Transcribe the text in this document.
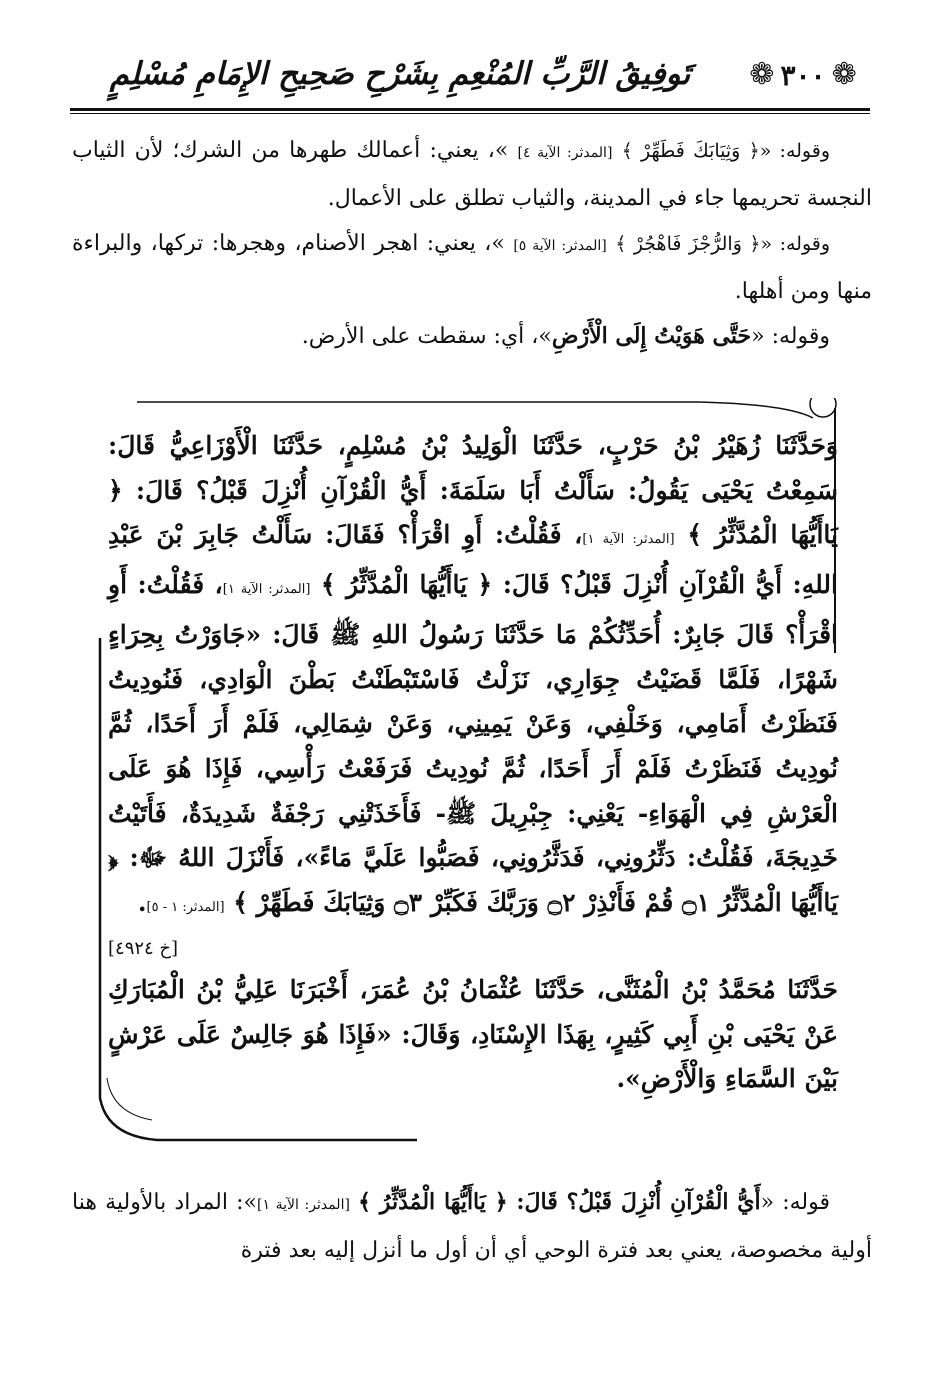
تَوفِيقُ الرَّبِّ المُنْعِمِ بِشَرْحِ صَحِيحِ الإِمَامِ مُسْلِمٍ	❁
٣٠٠
❁

وقوله: «﴿ وَثِيَابَكَ فَطَهِّرْ ﴾ [المدثر: الآية ٤] »، يعني: أعمالك طهرها من الشرك؛ لأن الثياب النجسة تحريمها جاء في المدينة، والثياب تطلق على الأعمال.

وقوله: «﴿ وَالرُّجْزَ فَاهْجُرْ ﴾ [المدثر: الآية ٥] »، يعني: اهجر الأصنام، وهجرها: تركها، والبراءة منها ومن أهلها.

وقوله: «حَتَّى هَوَيْتُ إِلَى الْأَرْضِ»، أي: سقطت على الأرض.

وَحَدَّثَنَا زُهَيْرُ بْنُ حَرْبٍ، حَدَّثَنَا الْوَلِيدُ بْنُ مُسْلِمٍ، حَدَّثَنَا الْأَوْزَاعِيُّ قَالَ: سَمِعْتُ يَحْيَى يَقُولُ: سَأَلْتُ أَبَا سَلَمَةَ: أَيُّ الْقُرْآنِ أُنْزِلَ قَبْلُ؟ قَالَ: ﴿ يَاأَيُّهَا الْمُدَّثِّرُ ﴾ [المدثر: الآية ١]، فَقُلْتُ: أَوِ اقْرَأْ؟ فَقَالَ: سَأَلْتُ جَابِرَ بْنَ عَبْدِ اللهِ: أَيُّ الْقُرْآنِ أُنْزِلَ قَبْلُ؟ قَالَ: ﴿ يَاأَيُّهَا الْمُدَّثِّرُ ﴾ [المدثر: الآية ١]، فَقُلْتُ: أَوِ اقْرَأْ؟ قَالَ جَابِرٌ: أُحَدِّثُكُمْ مَا حَدَّثَنَا رَسُولُ اللهِ ﷺ قَالَ: «جَاوَرْتُ بِحِرَاءٍ شَهْرًا، فَلَمَّا قَضَيْتُ جِوَارِي، نَزَلْتُ فَاسْتَبْطَنْتُ بَطْنَ الْوَادِي، فَنُودِيتُ فَنَظَرْتُ أَمَامِي، وَخَلْفِي، وَعَنْ يَمِينِي، وَعَنْ شِمَالِي، فَلَمْ أَرَ أَحَدًا، ثُمَّ نُودِيتُ فَنَظَرْتُ فَلَمْ أَرَ أَحَدًا، ثُمَّ نُودِيتُ فَرَفَعْتُ رَأْسِي، فَإِذَا هُوَ عَلَى الْعَرْشِ فِي الْهَوَاءِ- يَعْنِي: جِبْرِيلَ ﷺ- فَأَخَذَتْنِي رَجْفَةٌ شَدِيدَةٌ، فَأَتَيْتُ خَدِيجَةَ، فَقُلْتُ: دَثِّرُونِي، فَدَثَّرُونِي، فَصَبُّوا عَلَيَّ مَاءً»، فَأَنْزَلَ اللهُ ﷻ: ﴿ يَاأَيُّهَا الْمُدَّثِّرُ ۝١ قُمْ فَأَنْذِرْ ۝٢ وَرَبَّكَ فَكَبِّرْ ۝٣ وَثِيَابَكَ فَطَهِّرْ ﴾ [المدثر: ١ - ٥].

[خ ٤٩٢٤]

حَدَّثَنَا مُحَمَّدُ بْنُ الْمُثَنَّى، حَدَّثَنَا عُثْمَانُ بْنُ عُمَرَ، أَخْبَرَنَا عَلِيُّ بْنُ الْمُبَارَكِ عَنْ يَحْيَى بْنِ أَبِي كَثِيرٍ، بِهَذَا الإِسْنَادِ، وَقَالَ: «فَإِذَا هُوَ جَالِسٌ عَلَى عَرْشٍ بَيْنَ السَّمَاءِ وَالْأَرْضِ».

قوله: «أَيُّ الْقُرْآنِ أُنْزِلَ قَبْلُ؟ قَالَ: ﴿ يَاأَيُّهَا الْمُدَّثِّرُ ﴾ [المدثر: الآية ١]»: المراد بالأولية هنا أولية مخصوصة، يعني بعد فترة الوحي أي أن أول ما أنزل إليه بعد فترة
